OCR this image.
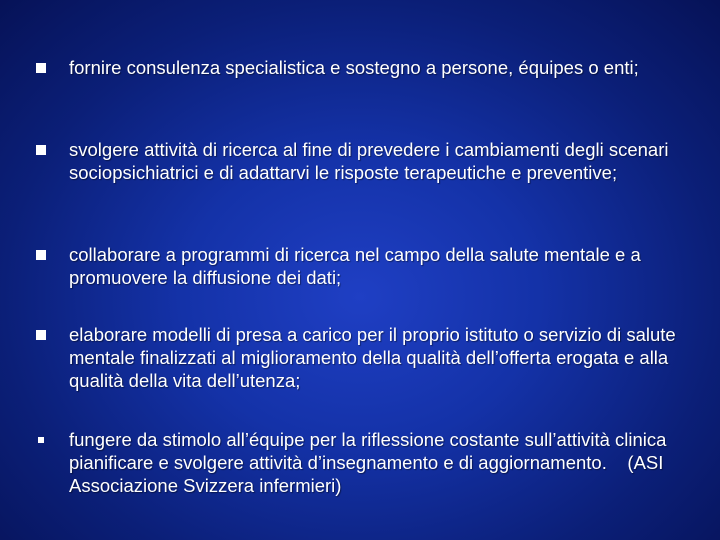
fornire consulenza specialistica e sostegno a persone, équipes o enti;

svolgere attività di ricerca al fine di prevedere i cambiamenti degli scenari sociopsichiatrici e di adattarvi le risposte terapeutiche e preventive;

collaborare a programmi di ricerca nel campo della salute mentale e a promuovere la diffusione dei dati;

elaborare modelli di presa a carico per il proprio istituto o servizio di salute mentale finalizzati al miglioramento della qualità dell’offerta erogata e alla qualità della vita dell’utenza;

fungere da stimolo all’équipe per la riflessione costante sull’attività clinica pianificare e svolgere attività d’insegnamento e di aggiornamento.    (ASI Associazione Svizzera infermieri)
